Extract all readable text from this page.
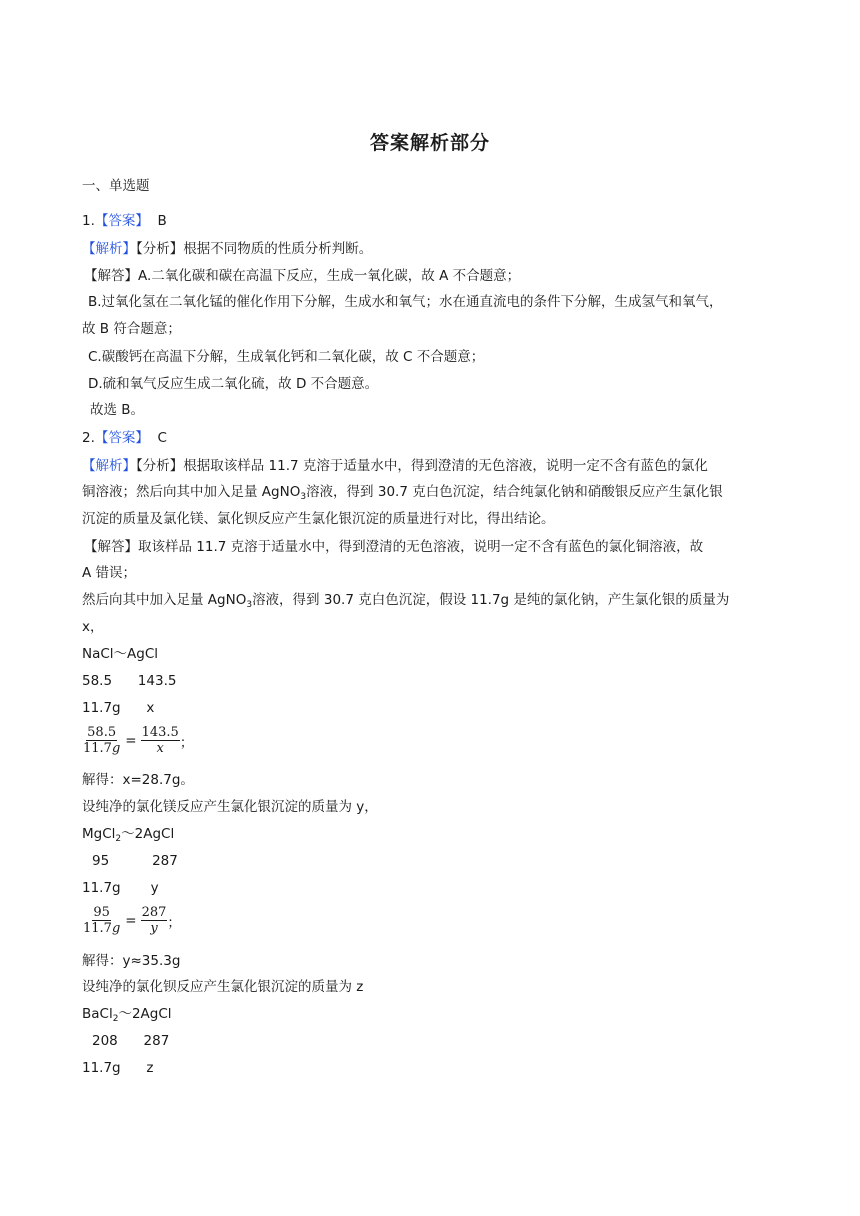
答案解析部分
一、单选题
1.【答案】 B
【解析】【分析】根据不同物质的性质分析判断。
【解答】A.二氧化碳和碳在高温下反应，生成一氧化碳，故 A 不合题意；
B.过氧化氢在二氧化锰的催化作用下分解，生成水和氧气；水在通直流电的条件下分解，生成氢气和氧气，
故 B 符合题意；
C.碳酸钙在高温下分解，生成氧化钙和二氧化碳，故 C 不合题意；
D.硫和氧气反应生成二氧化硫，故 D 不合题意。
故选 B。
2.【答案】 C
【解析】【分析】根据取该样品 11.7 克溶于适量水中，得到澄清的无色溶液，说明一定不含有蓝色的氯化
铜溶液；然后向其中加入足量 AgNO$_3$溶液，得到 30.7 克白色沉淀，结合纯氯化钠和硝酸银反应产生氯化银
沉淀的质量及氯化镁、氯化钡反应产生氯化银沉淀的质量进行对比，得出结论。
【解答】取该样品 11.7 克溶于适量水中，得到澄清的无色溶液，说明一定不含有蓝色的氯化铜溶液，故
A 错误；
然后向其中加入足量 AgNO$_3$溶液，得到 30.7 克白色沉淀，假设 11.7g 是纯的氯化钠，产生氯化银的质量为
x，
NaCl～AgCl
58.5      143.5
11.7g      x
$\frac{58.5}{11.7g} = \frac{143.5}{x}$ ；
解得：x=28.7g。
设纯净的氯化镁反应产生氯化银沉淀的质量为 y，
MgCl$_2$～2AgCl
95          287
11.7g       y
$\frac{95}{11.7g} = \frac{287}{y}$ ；
解得：y≈35.3g
设纯净的氯化钡反应产生氯化银沉淀的质量为 z
BaCl$_2$～2AgCl
208      287
11.7g      z
